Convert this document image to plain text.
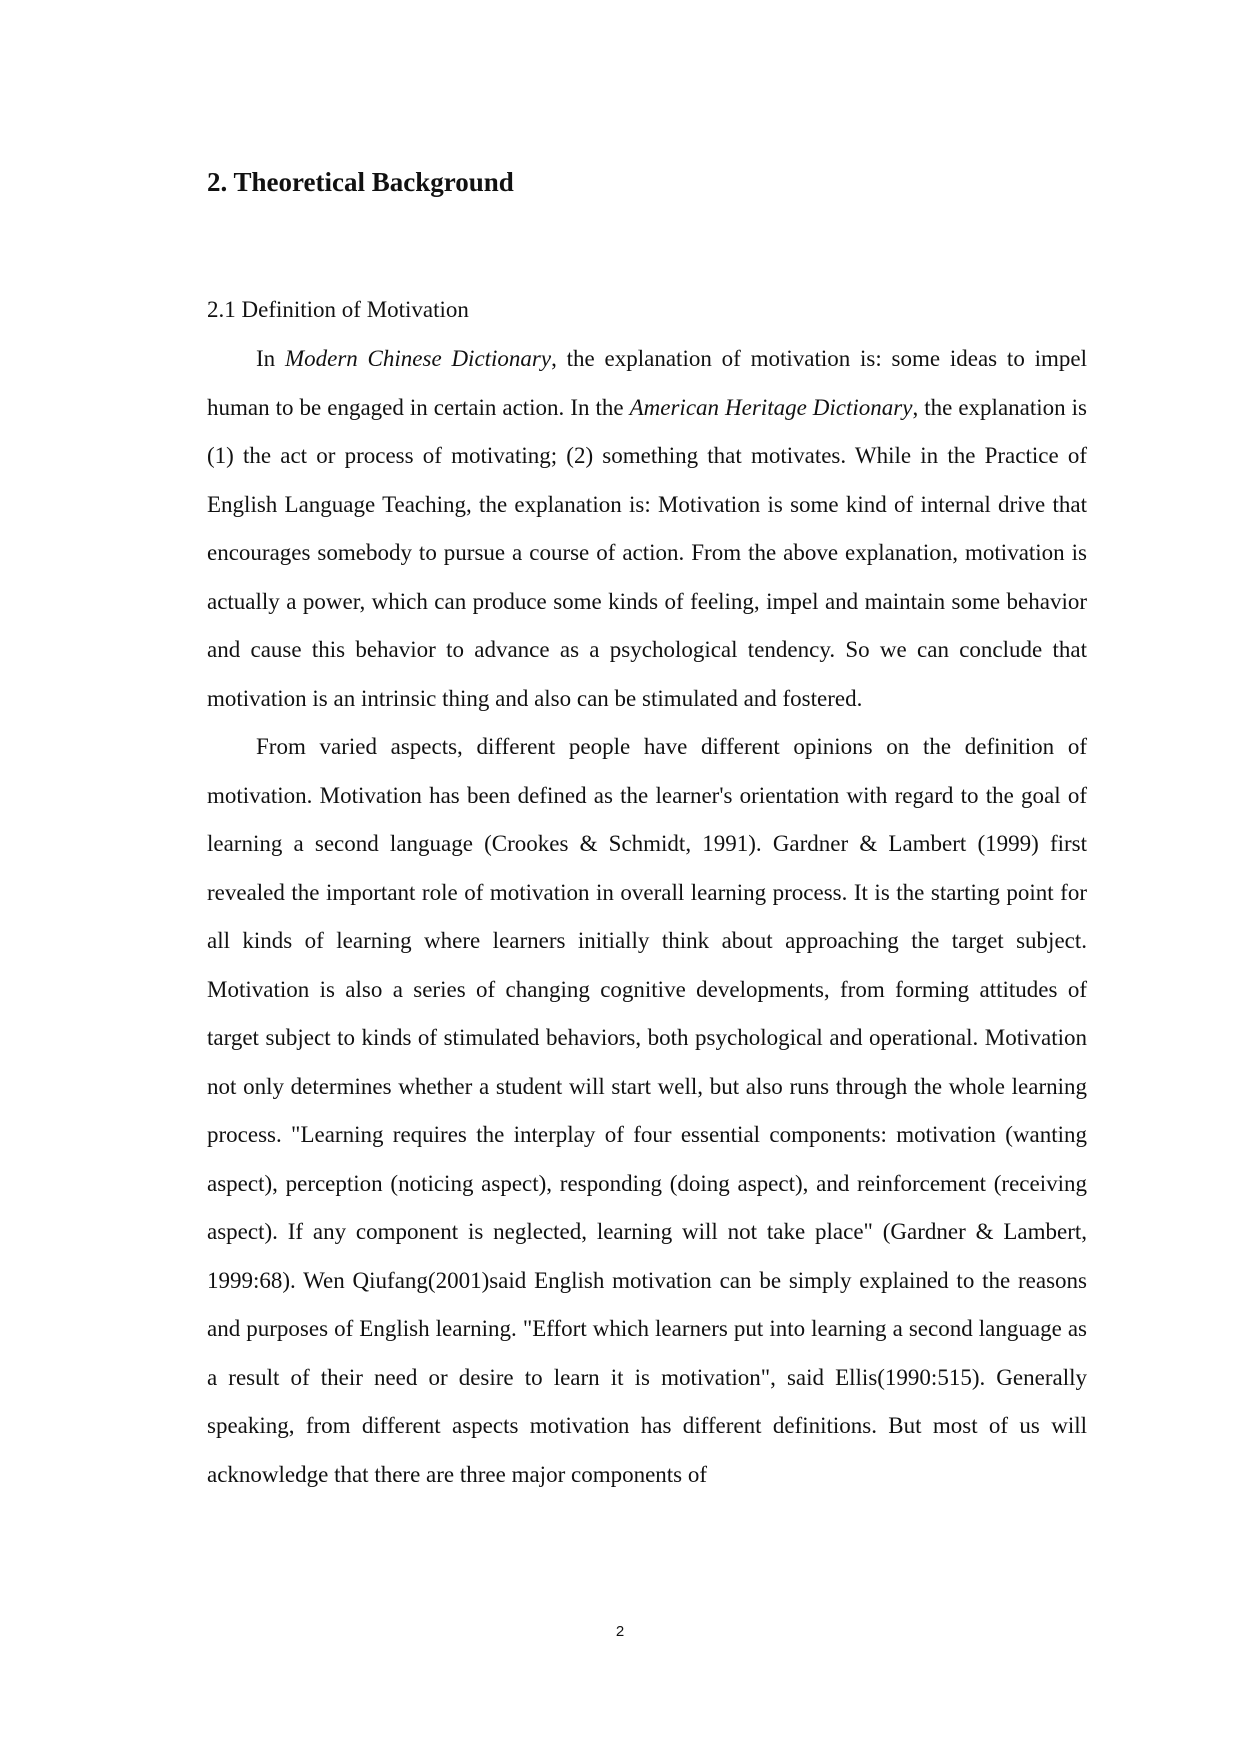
2. Theoretical Background
2.1 Definition of Motivation

In Modern Chinese Dictionary, the explanation of motivation is: some ideas to impel human to be engaged in certain action. In the American Heritage Dictionary, the explanation is (1) the act or process of motivating; (2) something that motivates. While in the Practice of English Language Teaching, the explanation is: Motivation is some kind of internal drive that encourages somebody to pursue a course of action. From the above explanation, motivation is actually a power, which can produce some kinds of feeling, impel and maintain some behavior and cause this behavior to advance as a psychological tendency. So we can conclude that motivation is an intrinsic thing and also can be stimulated and fostered.

From varied aspects, different people have different opinions on the definition of motivation. Motivation has been defined as the learner's orientation with regard to the goal of learning a second language (Crookes & Schmidt, 1991). Gardner & Lambert (1999) first revealed the important role of motivation in overall learning process. It is the starting point for all kinds of learning where learners initially think about approaching the target subject. Motivation is also a series of changing cognitive developments, from forming attitudes of target subject to kinds of stimulated behaviors, both psychological and operational. Motivation not only determines whether a student will start well, but also runs through the whole learning process. "Learning requires the interplay of four essential components: motivation (wanting aspect), perception (noticing aspect), responding (doing aspect), and reinforcement (receiving aspect). If any component is neglected, learning will not take place" (Gardner & Lambert, 1999:68). Wen Qiufang(2001)said English motivation can be simply explained to the reasons and purposes of English learning. "Effort which learners put into learning a second language as a result of their need or desire to learn it is motivation", said Ellis(1990:515). Generally speaking, from different aspects motivation has different definitions. But most of us will acknowledge that there are three major components of

2
